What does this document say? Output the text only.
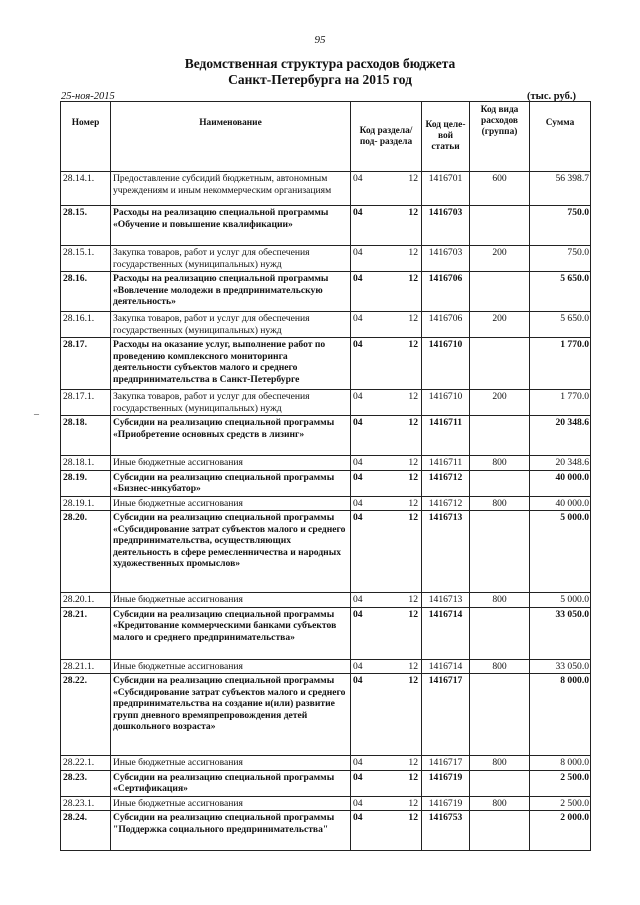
95
Ведомственная структура расходов бюджета
Санкт-Петербурга на 2015 год
25-ноя-2015	(тыс. руб.)
–
Номер	Наименование	Код раздела/ под- раздела		Код целе- вой статьи	Код вида расходов (группа)	Сумма
28.14.1.	Предоставление субсидий бюджетным, автономным учреждениям и иным некоммерческим организациям	04	12	1416701	600	56 398.7
28.15.	Расходы на реализацию специальной программы «Обучение и повышение квалификации»	04	12	1416703		750.0
28.15.1.	Закупка товаров, работ и услуг для обеспечения государственных (муниципальных) нужд	04	12	1416703	200	750.0
28.16.	Расходы на реализацию специальной программы «Вовлечение молодежи в предпринимательскую деятельность»	04	12	1416706		5 650.0
28.16.1.	Закупка товаров, работ и услуг для обеспечения государственных (муниципальных) нужд	04	12	1416706	200	5 650.0
28.17.	Расходы на оказание услуг, выполнение работ по проведению комплексного мониторинга деятельности субъектов малого и среднего предпринимательства в Санкт-Петербурге	04	12	1416710		1 770.0
28.17.1.	Закупка товаров, работ и услуг для обеспечения государственных (муниципальных) нужд	04	12	1416710	200	1 770.0
28.18.	Субсидии на реализацию специальной программы «Приобретение основных средств в лизинг»	04	12	1416711		20 348.6
28.18.1.	Иные бюджетные ассигнования	04	12	1416711	800	20 348.6
28.19.	Субсидии на реализацию специальной программы «Бизнес-инкубатор»	04	12	1416712		40 000.0
28.19.1.	Иные бюджетные ассигнования	04	12	1416712	800	40 000.0
28.20.	Субсидии на реализацию специальной программы «Субсидирование затрат субъектов малого и среднего предпринимательства, осуществляющих деятельность в сфере ремесленничества и народных художественных промыслов»	04	12	1416713		5 000.0
28.20.1.	Иные бюджетные ассигнования	04	12	1416713	800	5 000.0
28.21.	Субсидии на реализацию специальной программы «Кредитование коммерческими банками субъектов малого и среднего предпринимательства»	04	12	1416714		33 050.0
28.21.1.	Иные бюджетные ассигнования	04	12	1416714	800	33 050.0
28.22.	Субсидии на реализацию специальной программы «Субсидирование затрат субъектов малого и среднего предпринимательства на создание и(или) развитие групп дневного времяпрепровождения детей дошкольного возраста»	04	12	1416717		8 000.0
28.22.1.	Иные бюджетные ассигнования	04	12	1416717	800	8 000.0
28.23.	Субсидии на реализацию специальной программы «Сертификация»	04	12	1416719		2 500.0
28.23.1.	Иные бюджетные ассигнования	04	12	1416719	800	2 500.0
28.24.	Субсидии на реализацию специальной программы "Поддержка социального предпринимательства"	04	12	1416753		2 000.0
